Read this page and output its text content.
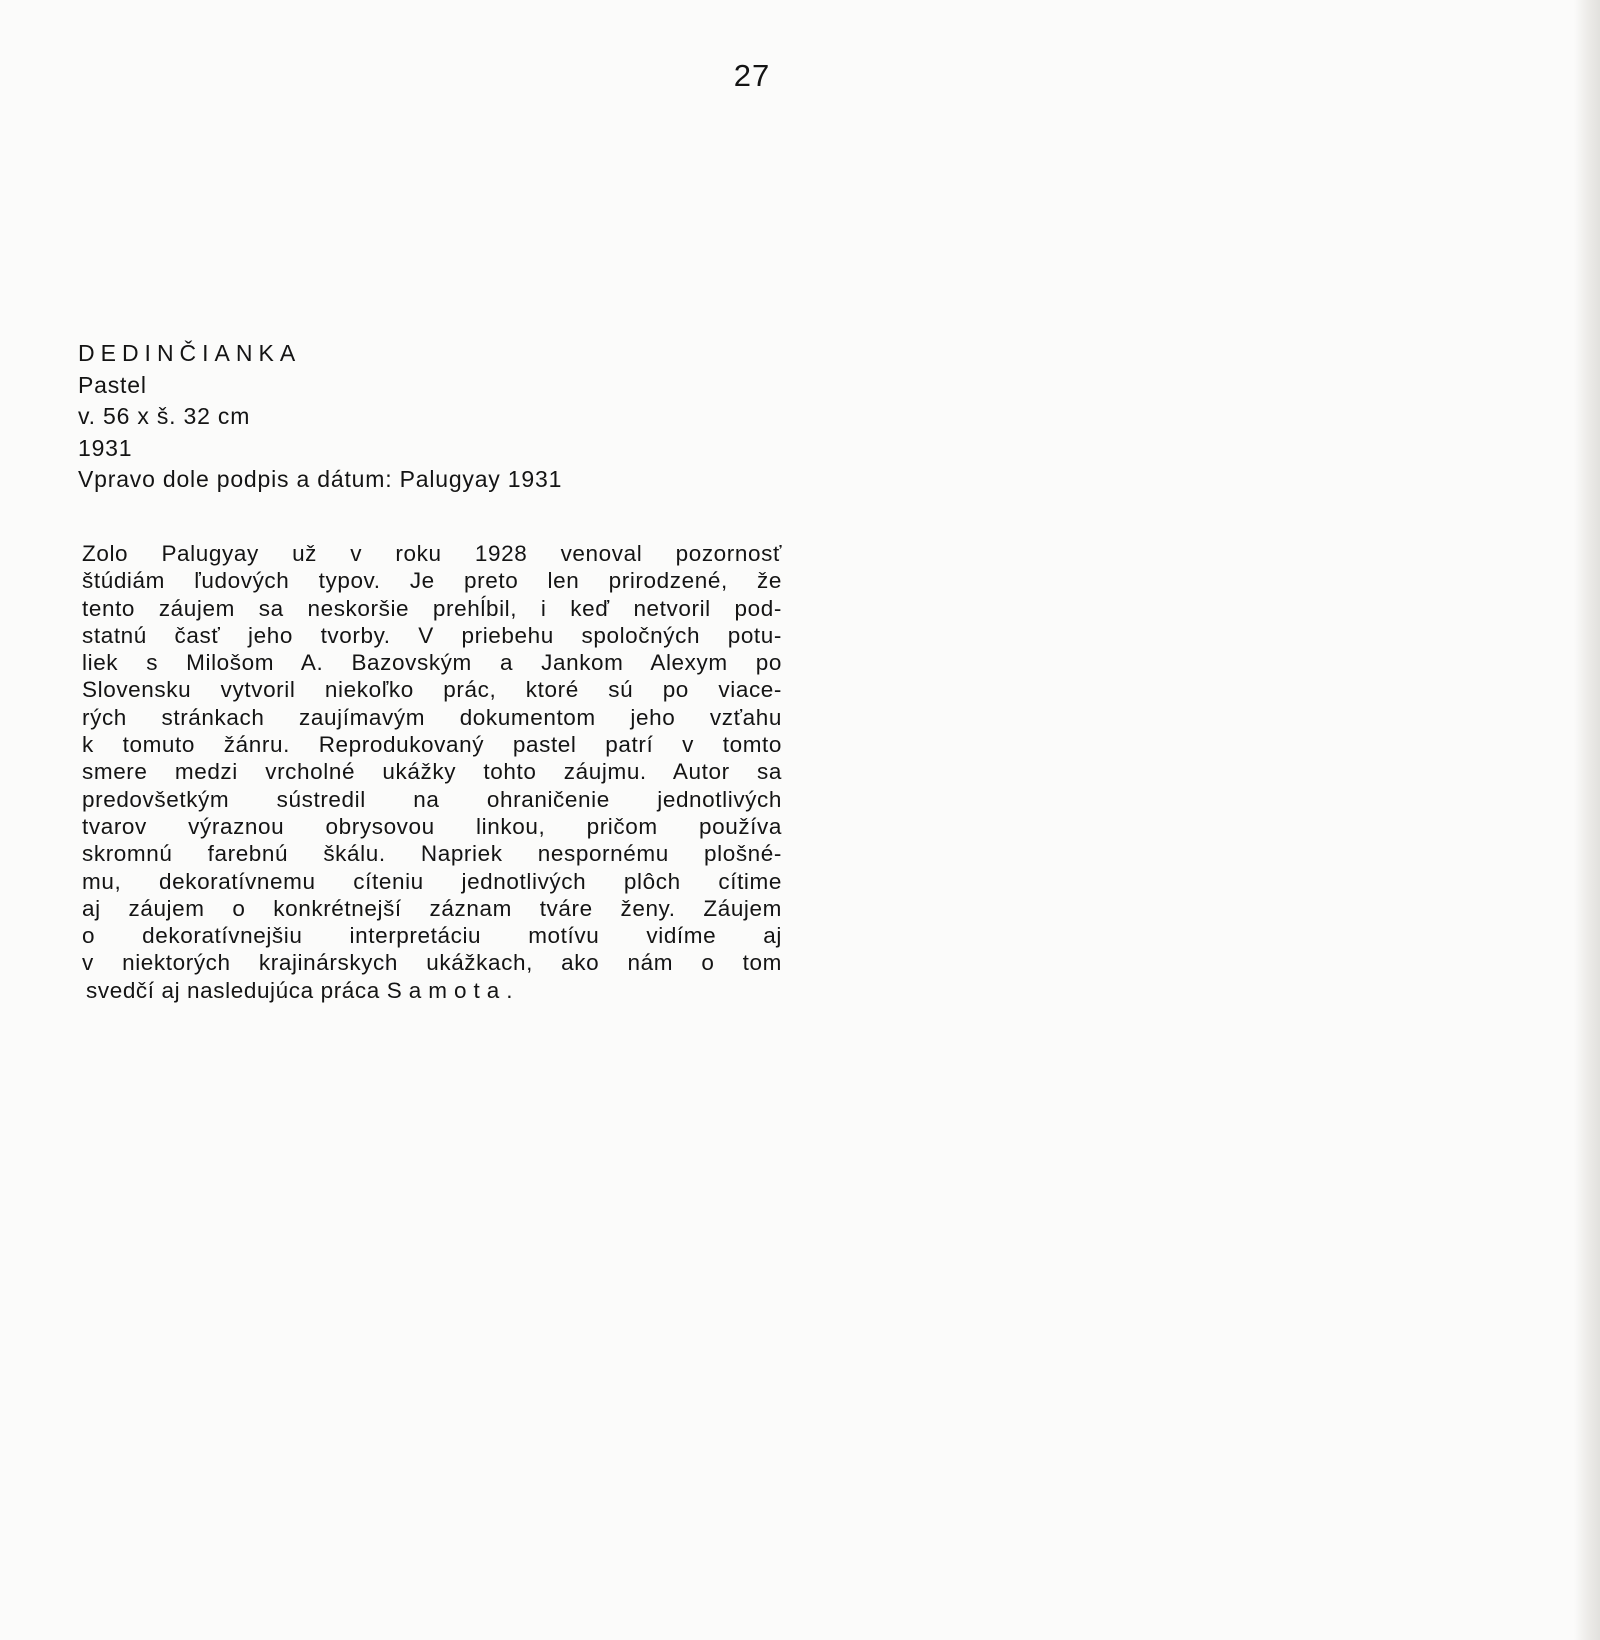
27
DEDINČIANKA
Pastel
v. 56 x š. 32 cm
1931
Vpravo dole podpis a dátum: Palugyay 1931
Zolo Palugyay už v roku 1928 venoval pozornosť
štúdiám ľudových typov. Je preto len prirodzené, že
tento záujem sa neskoršie prehĺbil, i keď netvoril pod-
statnú časť jeho tvorby. V priebehu spoločných potu-
liek s Milošom A. Bazovským a Jankom Alexym po
Slovensku vytvoril niekoľko prác, ktoré sú po viace-
rých stránkach zaujímavým dokumentom jeho vzťahu
k tomuto žánru. Reprodukovaný pastel patrí v tomto
smere medzi vrcholné ukážky tohto záujmu. Autor sa
predovšetkým sústredil na ohraničenie jednotlivých
tvarov výraznou obrysovou linkou, pričom používa
skromnú farebnú škálu. Napriek nespornému plošné-
mu, dekoratívnemu cíteniu jednotlivých plôch cítime
aj záujem o konkrétnejší záznam tváre ženy. Záujem
o dekoratívnejšiu interpretáciu motívu vidíme aj
v niektorých krajinárskych ukážkach, ako nám o tom
svedčí aj nasledujúca práca Samota.
